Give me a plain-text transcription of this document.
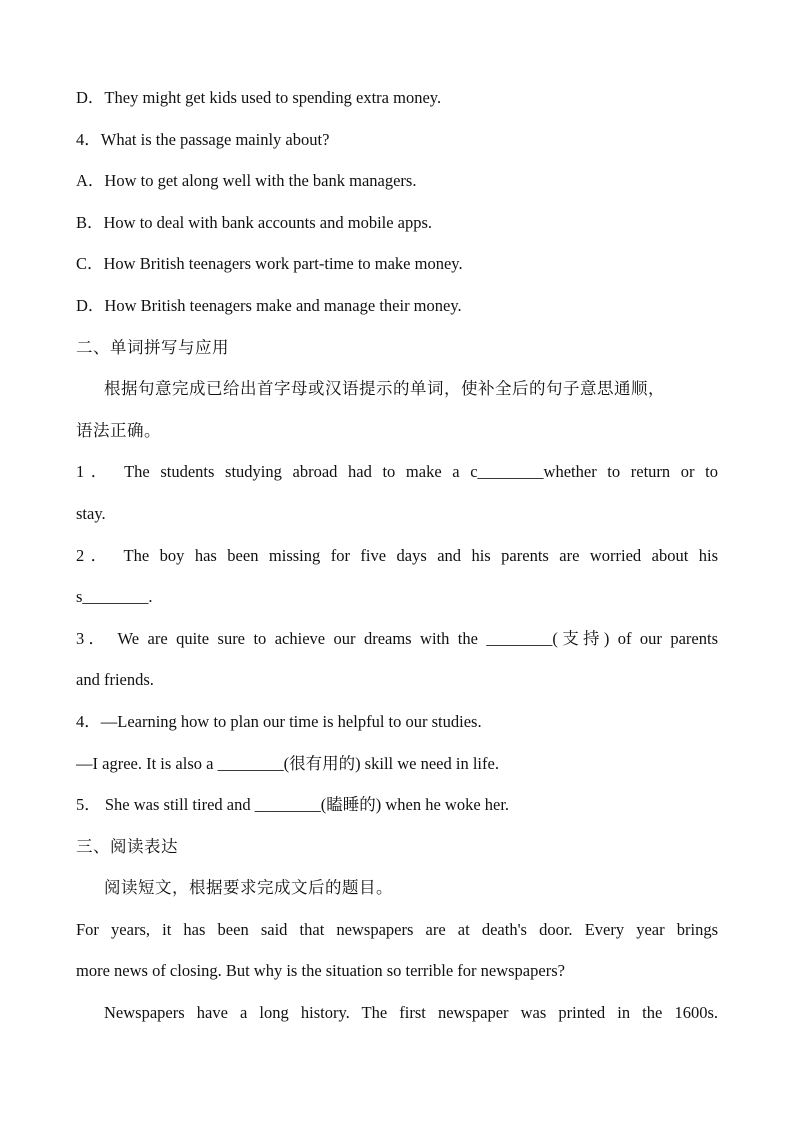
D．They might get kids used to spending extra money.
4．What is the passage mainly about?
A．How to get along well with the bank managers.
B．How to deal with bank accounts and mobile apps.
C．How British teenagers work part-time to make money.
D．How British teenagers make and manage their money.
二、单词拼写与应用
根据句意完成已给出首字母或汉语提示的单词，使补全后的句子意思通顺，
语法正确。
1． The students studying abroad had to make a c________whether to return or to
stay.
2． The boy has been missing for five days and his parents are worried about his
s________.
3． We are quite sure to achieve our dreams with the ________(支持) of our parents
and friends.
4．—Learning how to plan our time is helpful to our studies.
—I agree. It is also a ________(很有用的) skill we need in life.
5． She was still tired and ________(瞌睡的) when he woke her.
三、阅读表达
阅读短文，根据要求完成文后的题目。
For years, it has been said that newspapers are at death's door. Every year brings
more news of closing. But why is the situation so terrible for newspapers?
Newspapers have a long history. The first newspaper was printed in the 1600s.
